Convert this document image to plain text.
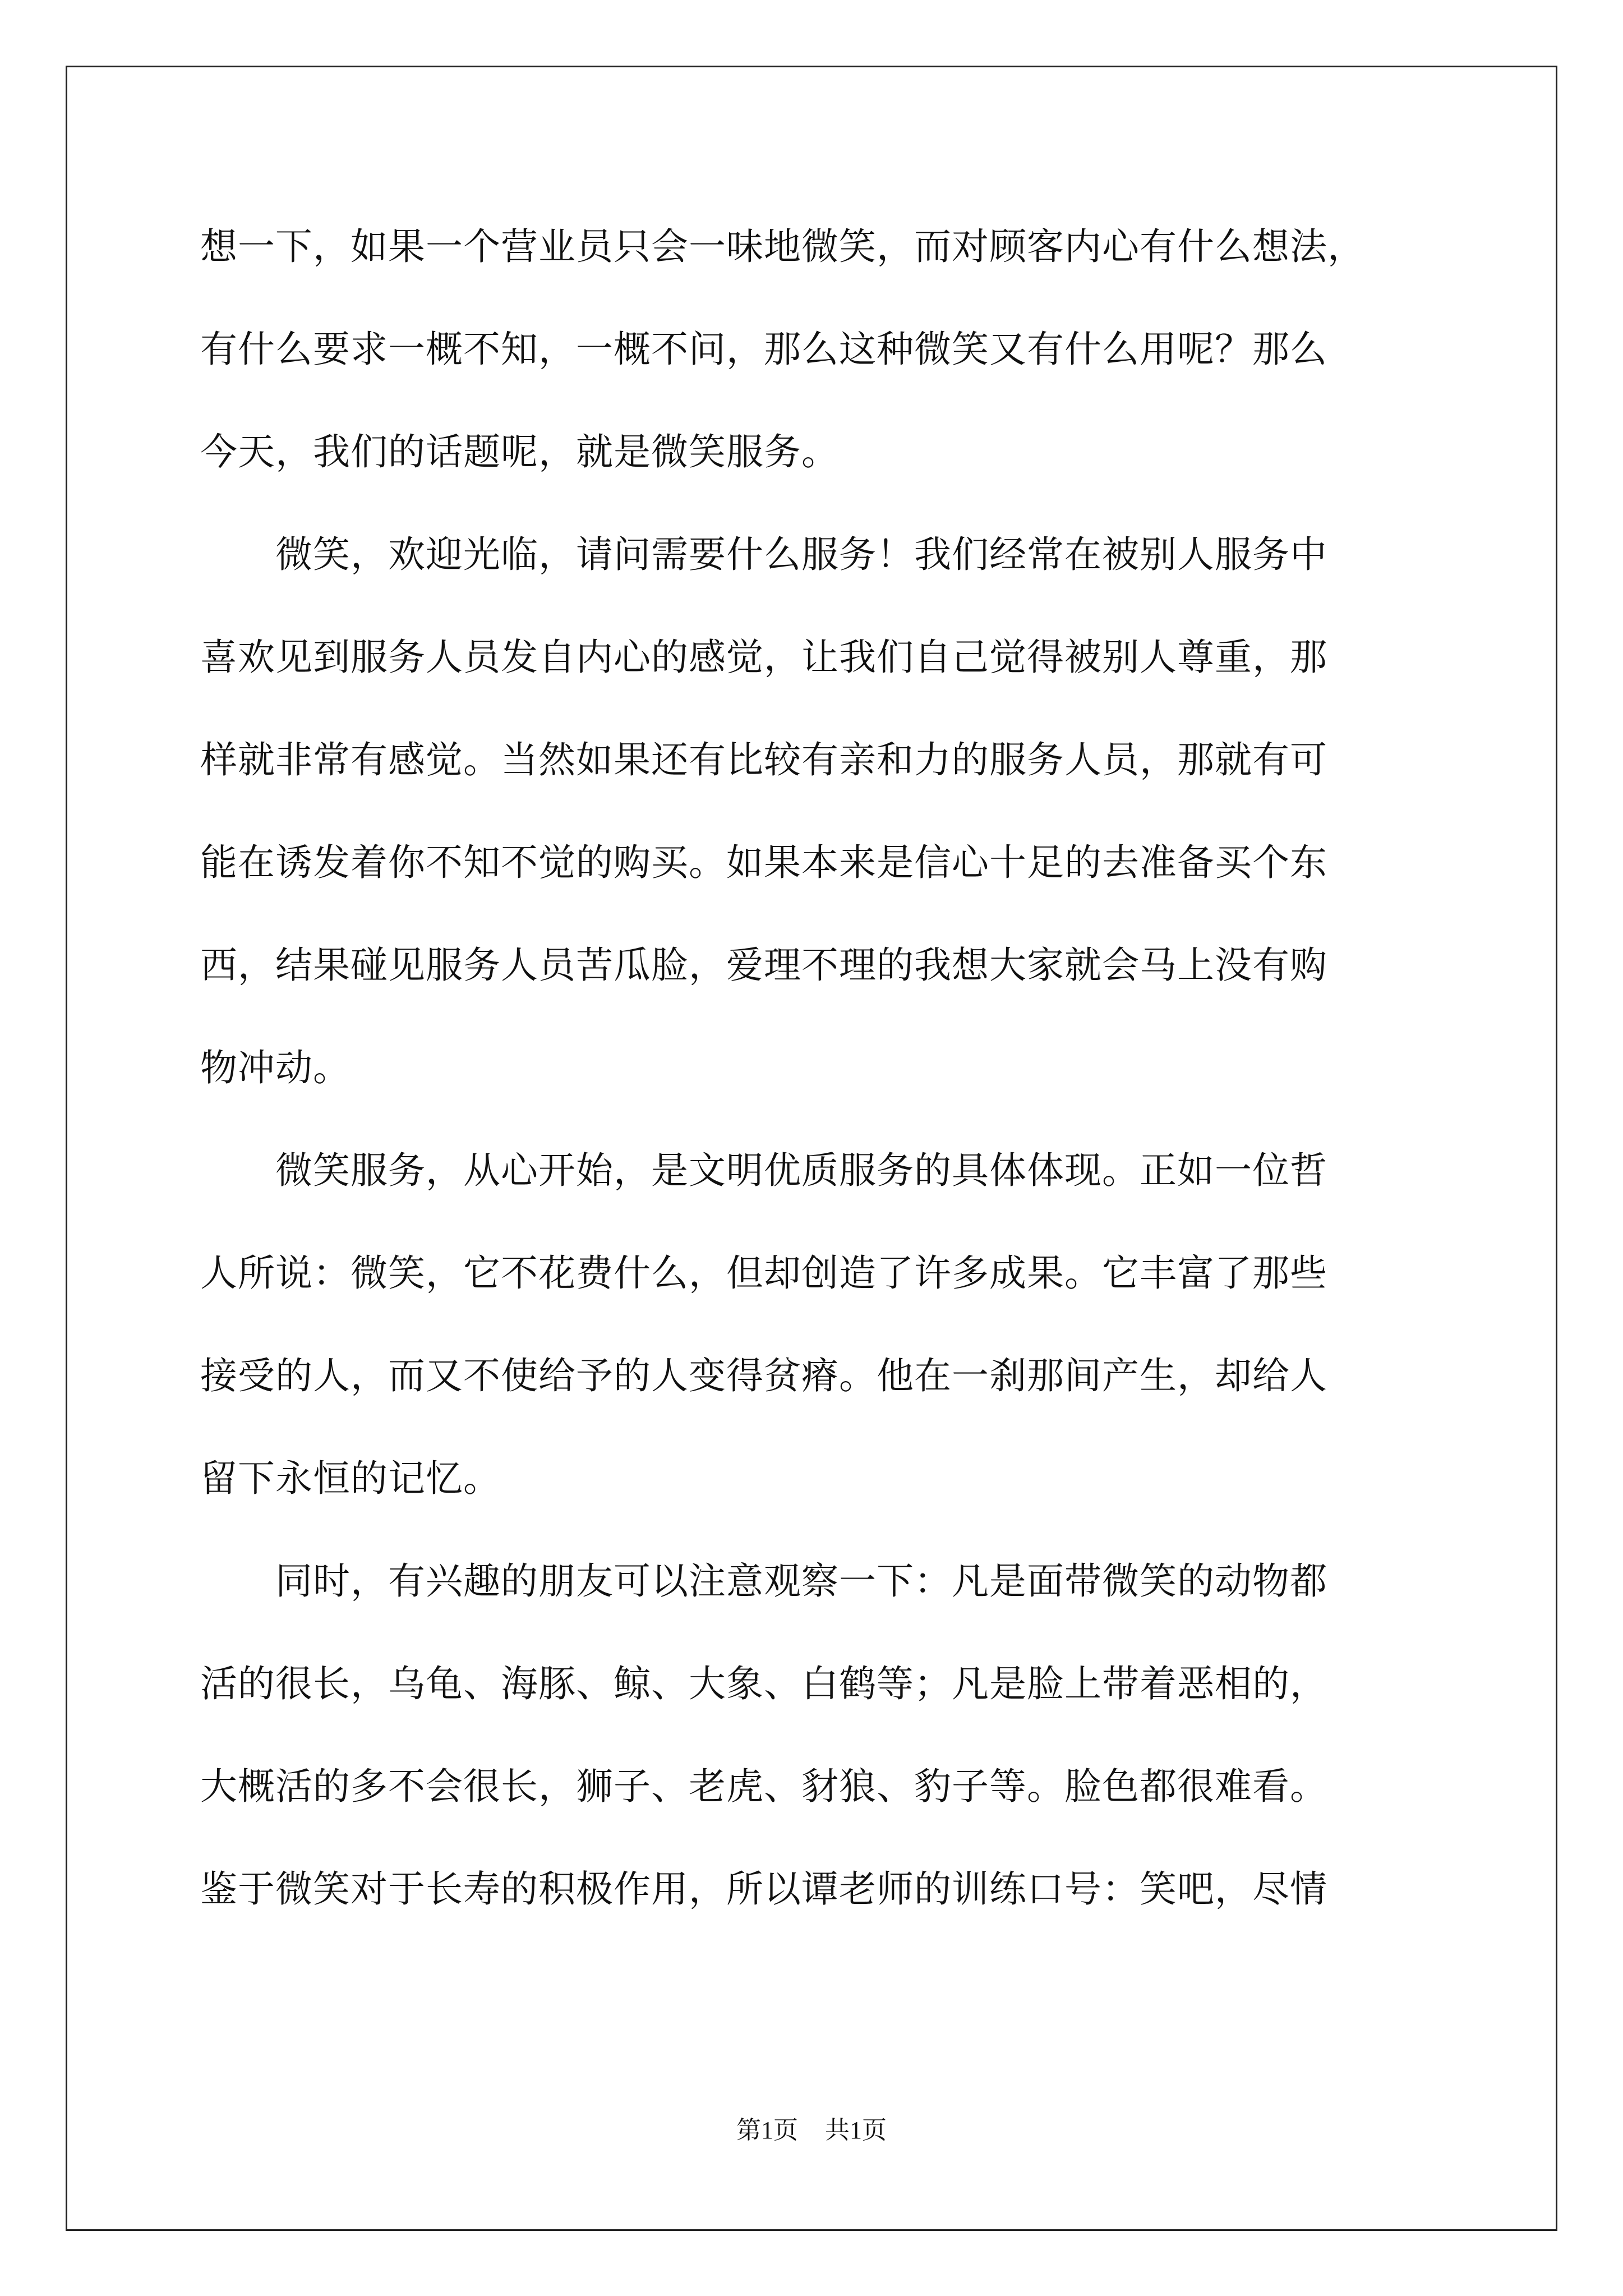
想一下，如果一个营业员只会一味地微笑，而对顾客内心有什么想法，

有什么要求一概不知，一概不问，那么这种微笑又有什么用呢？那么

今天，我们的话题呢，就是微笑服务。

　　微笑，欢迎光临，请问需要什么服务！我们经常在被别人服务中

喜欢见到服务人员发自内心的感觉，让我们自己觉得被别人尊重，那

样就非常有感觉。当然如果还有比较有亲和力的服务人员，那就有可

能在诱发着你不知不觉的购买。如果本来是信心十足的去准备买个东

西，结果碰见服务人员苦瓜脸，爱理不理的我想大家就会马上没有购

物冲动。

　　微笑服务，从心开始，是文明优质服务的具体体现。正如一位哲

人所说：微笑，它不花费什么，但却创造了许多成果。它丰富了那些

接受的人，而又不使给予的人变得贫瘠。他在一刹那间产生，却给人

留下永恒的记忆。

　　同时，有兴趣的朋友可以注意观察一下：凡是面带微笑的动物都

活的很长，乌龟、海豚、鲸、大象、白鹤等；凡是脸上带着恶相的，

大概活的多不会很长，狮子、老虎、豺狼、豹子等。脸色都很难看。

鉴于微笑对于长寿的积极作用，所以谭老师的训练口号：笑吧，尽情

第1页 共1页
